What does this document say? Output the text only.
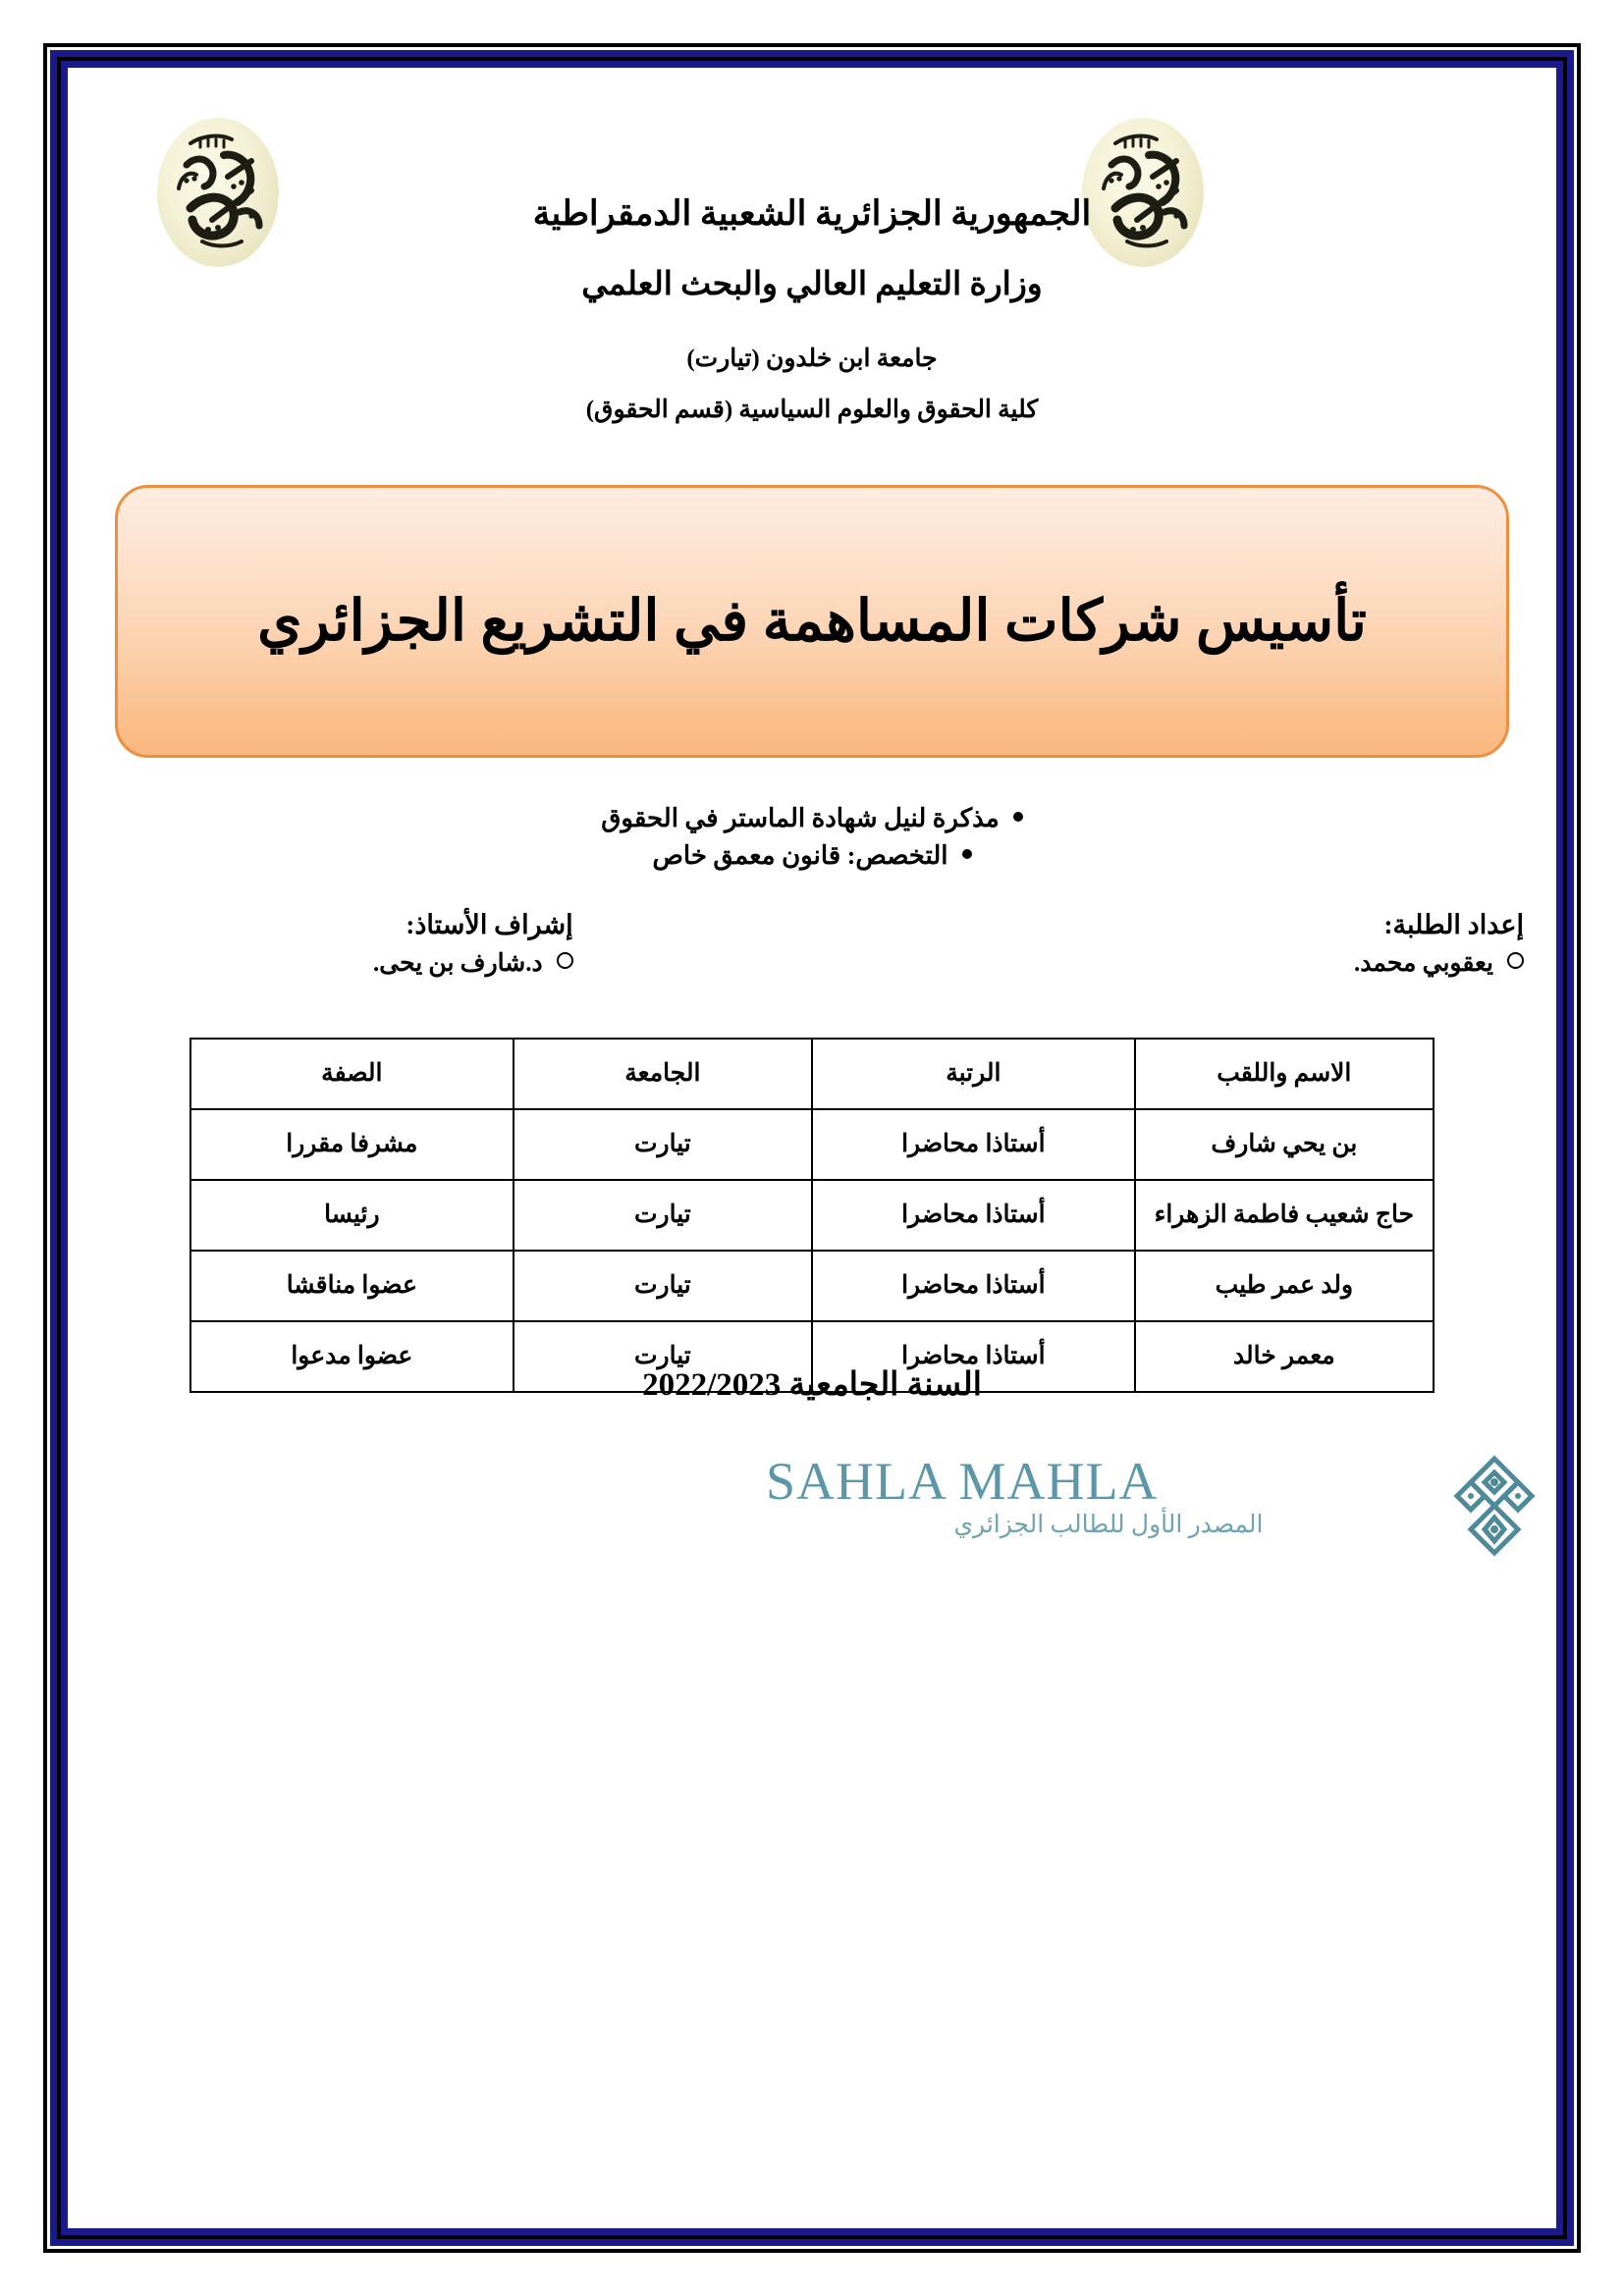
الجمهورية الجزائرية الشعبية الدمقراطية
وزارة التعليم العالي والبحث العلمي
جامعة ابن خلدون (تيارت)
كلية الحقوق والعلوم السياسية (قسم الحقوق)
تأسيس شركات المساهمة في التشريع الجزائري
مذكرة لنيل شهادة الماستر في الحقوق
التخصص: قانون معمق خاص
إعداد الطلبة:
يعقوبي محمد.
إشراف الأستاذ:
د.شارف بن يحى.
الاسم واللقب	الرتبة	الجامعة	الصفة
بن يحي شارف	أستاذا محاضرا	تيارت	مشرفا مقررا
حاج شعيب فاطمة الزهراء	أستاذا محاضرا	تيارت	رئيسا
ولد عمر طيب	أستاذا محاضرا	تيارت	عضوا مناقشا
معمر خالد	أستاذا محاضرا	تيارت	عضوا مدعوا
السنة الجامعية 2022/2023
SAHLA MAHLA
المصدر الأول للطالب الجزائري
